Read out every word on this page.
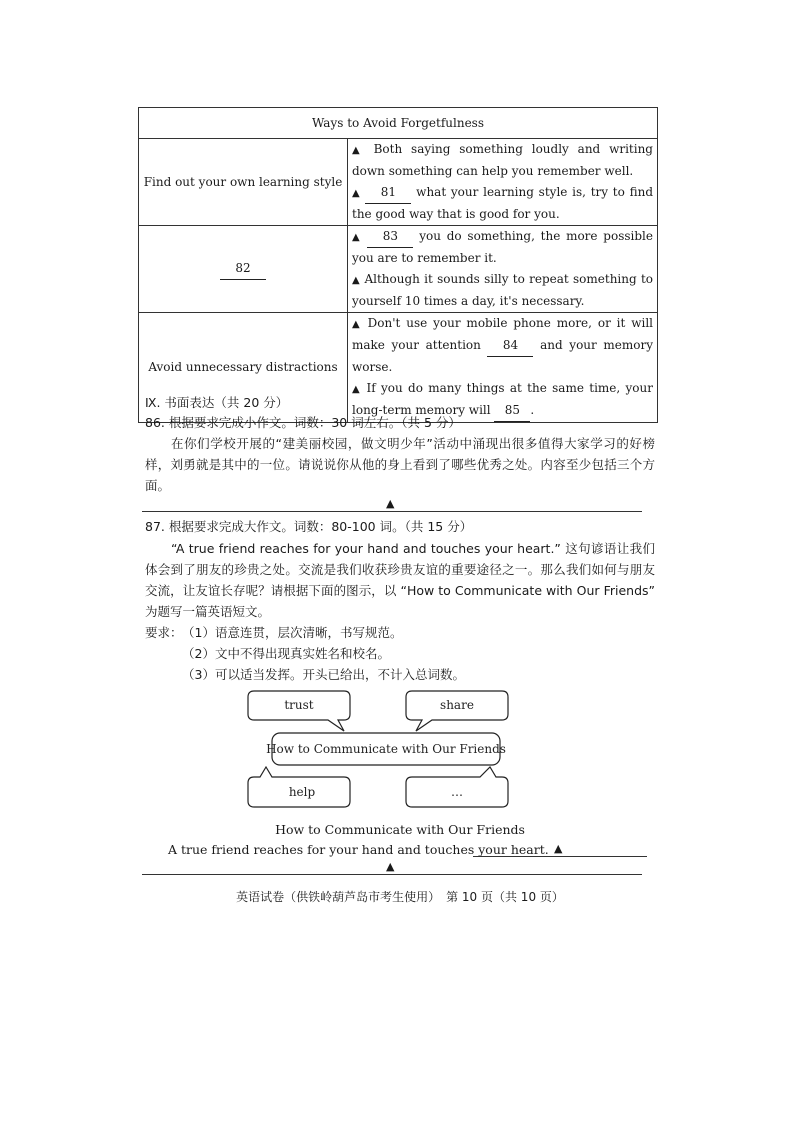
Ways to Avoid Forgetfulness	
Find out your own learning style	▲ Both saying something loudly and writing down something can help you remember well.
▲ 81 what your learning style is, try to find the good way that is good for you.

82	▲ 83 you do something, the more possible you are to remember it.
▲ Although it sounds silly to repeat something to yourself 10 times a day, it's necessary.

Avoid unnecessary distractions	▲ Don't use your mobile phone more, or it will make your attention 84 and your memory worse.
▲ If you do many things at the same time, your long-term memory will 85 .
Ⅸ. 书面表达（共 20 分）
86. 根据要求完成小作文。词数：30 词左右。（共 5 分）
在你们学校开展的“建美丽校园，做文明少年”活动中涌现出很多值得大家学习的好榜样，刘勇就是其中的一位。请说说你从他的身上看到了哪些优秀之处。内容至少包括三个方面。
▲
87. 根据要求完成大作文。词数：80-100 词。（共 15 分）
“A true friend reaches for your hand and touches your heart.” 这句谚语让我们体会到了朋友的珍贵之处。交流是我们收获珍贵友谊的重要途径之一。那么我们如何与朋友交流，让友谊长存呢？请根据下面的图示，以 “How to Communicate with Our Friends” 为题写一篇英语短文。
要求： （1）语意连贯，层次清晰，书写规范。
（2）文中不得出现真实姓名和校名。
（3）可以适当发挥。开头已给出，不计入总词数。
trust	share
How to Communicate with Our Friends
help	…
How to Communicate with Our Friends
A true friend reaches for your hand and touches your heart. ▲
▲
英语试卷（供铁岭葫芦岛市考生使用）　第 10 页（共 10 页）
